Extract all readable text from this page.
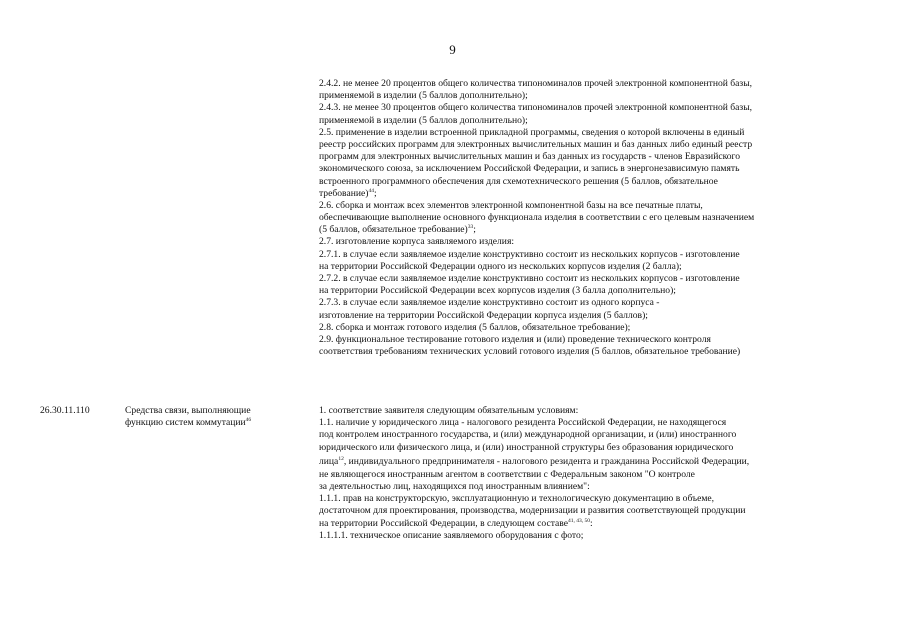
9
2.4.2. не менее 20 процентов общего количества типономиналов прочей электронной компонентной базы,
применяемой в изделии (5 баллов дополнительно);
2.4.3. не менее 30 процентов общего количества типономиналов прочей электронной компонентной базы,
применяемой в изделии (5 баллов дополнительно);
2.5. применение в изделии встроенной прикладной программы, сведения о которой включены в единый
реестр российских программ для электронных вычислительных машин и баз данных либо единый реестр
программ для электронных вычислительных машин и баз данных из государств - членов Евразийского
экономического союза, за исключением Российской Федерации, и запись в энергонезависимую память
встроенного программного обеспечения для схемотехнического решения (5 баллов, обязательное
требование)$^{44}$;
2.6. сборка и монтаж всех элементов электронной компонентной базы на все печатные платы,
обеспечивающие выполнение основного функционала изделия в соответствии с его целевым назначением
(5 баллов, обязательное требование)$^{33}$;
2.7. изготовление корпуса заявляемого изделия:
2.7.1. в случае если заявляемое изделие конструктивно состоит из нескольких корпусов - изготовление
на территории Российской Федерации одного из нескольких корпусов изделия (2 балла);
2.7.2. в случае если заявляемое изделие конструктивно состоит из нескольких корпусов - изготовление
на территории Российской Федерации всех корпусов изделия (3 балла дополнительно);
2.7.3. в случае если заявляемое изделие конструктивно состоит из одного корпуса -
изготовление на территории Российской Федерации корпуса изделия (5 баллов);
2.8. сборка и монтаж готового изделия (5 баллов, обязательное требование);
2.9. функциональное тестирование готового изделия и (или) проведение технического контроля
соответствия требованиям технических условий готового изделия (5 баллов, обязательное требование)
26.30.11.110	Средства связи, выполняющие
функцию систем коммутации$^{46}$
1. соответствие заявителя следующим обязательным условиям:
1.1. наличие у юридического лица - налогового резидента Российской Федерации, не находящегося
под контролем иностранного государства, и (или) международной организации, и (или) иностранного
юридического или физического лица, и (или) иностранной структуры без образования юридического
лица$^{12}$, индивидуального предпринимателя - налогового резидента и гражданина Российской Федерации,
не являющегося иностранным агентом в соответствии с Федеральным законом "О контроле
за деятельностью лиц, находящихся под иностранным влиянием":
1.1.1. прав на конструкторскую, эксплуатационную и технологическую документацию в объеме,
достаточном для проектирования, производства, модернизации и развития соответствующей продукции
на территории Российской Федерации, в следующем составе$^{41, 43, 50}$:
1.1.1.1. техническое описание заявляемого оборудования с фото;
